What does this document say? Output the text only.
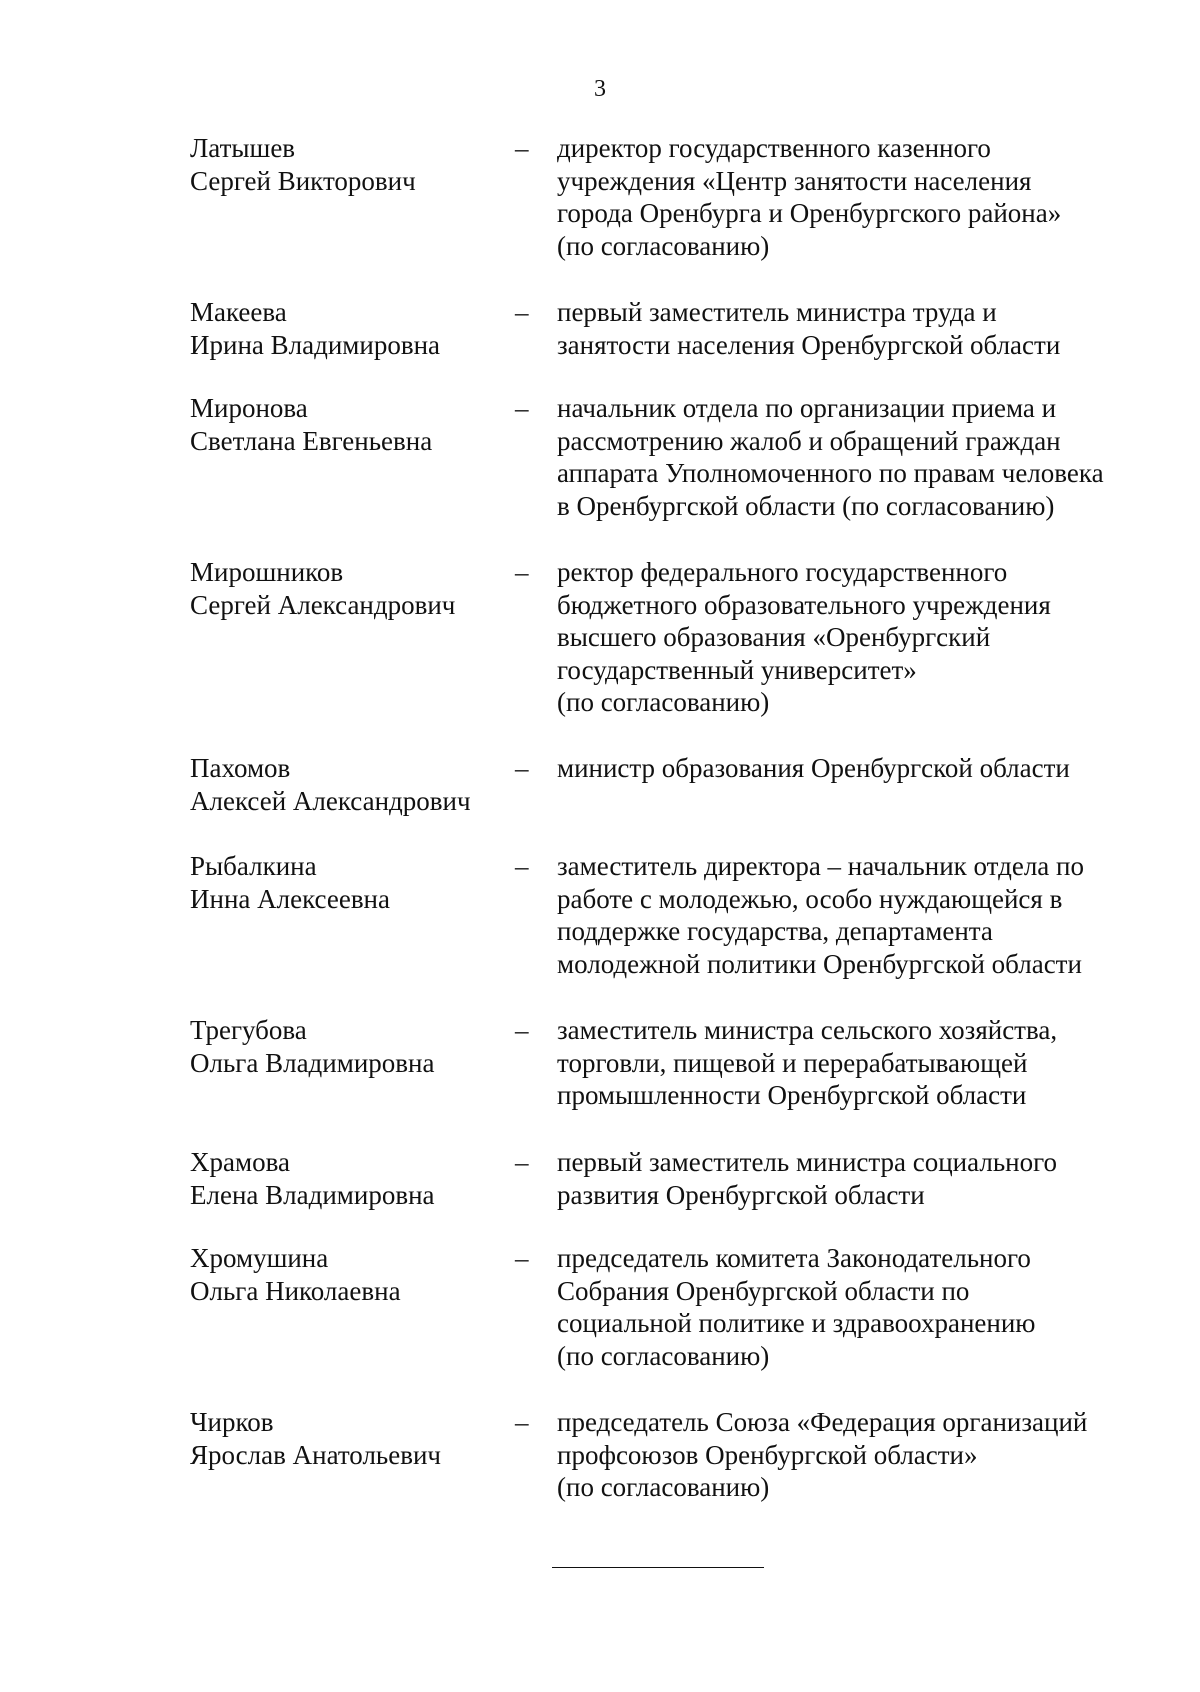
3
Латышев
Сергей Викторович
– директор государственного казенного
учреждения «Центр занятости населения
города Оренбурга и Оренбургского района»
(по согласованию)
Макеева
Ирина Владимировна
– первый заместитель министра труда и
занятости населения Оренбургской области
Миронова
Светлана Евгеньевна
– начальник отдела по организации приема и
рассмотрению жалоб и обращений граждан
аппарата Уполномоченного по правам человека
в Оренбургской области (по согласованию)
Мирошников
Сергей Александрович
– ректор федерального государственного
бюджетного образовательного учреждения
высшего образования «Оренбургский
государственный университет»
(по согласованию)
Пахомов
Алексей Александрович
– министр образования Оренбургской области
Рыбалкина
Инна Алексеевна
– заместитель директора – начальник отдела по
работе с молодежью, особо нуждающейся в
поддержке государства, департамента
молодежной политики Оренбургской области
Трегубова
Ольга Владимировна
– заместитель министра сельского хозяйства,
торговли, пищевой и перерабатывающей
промышленности Оренбургской области
Храмова
Елена Владимировна
– первый заместитель министра социального
развития Оренбургской области
Хромушина
Ольга Николаевна
– председатель комитета Законодательного
Собрания Оренбургской области по
социальной политике и здравоохранению
(по согласованию)
Чирков
Ярослав Анатольевич
– председатель Союза «Федерация организаций
профсоюзов Оренбургской области»
(по согласованию)
